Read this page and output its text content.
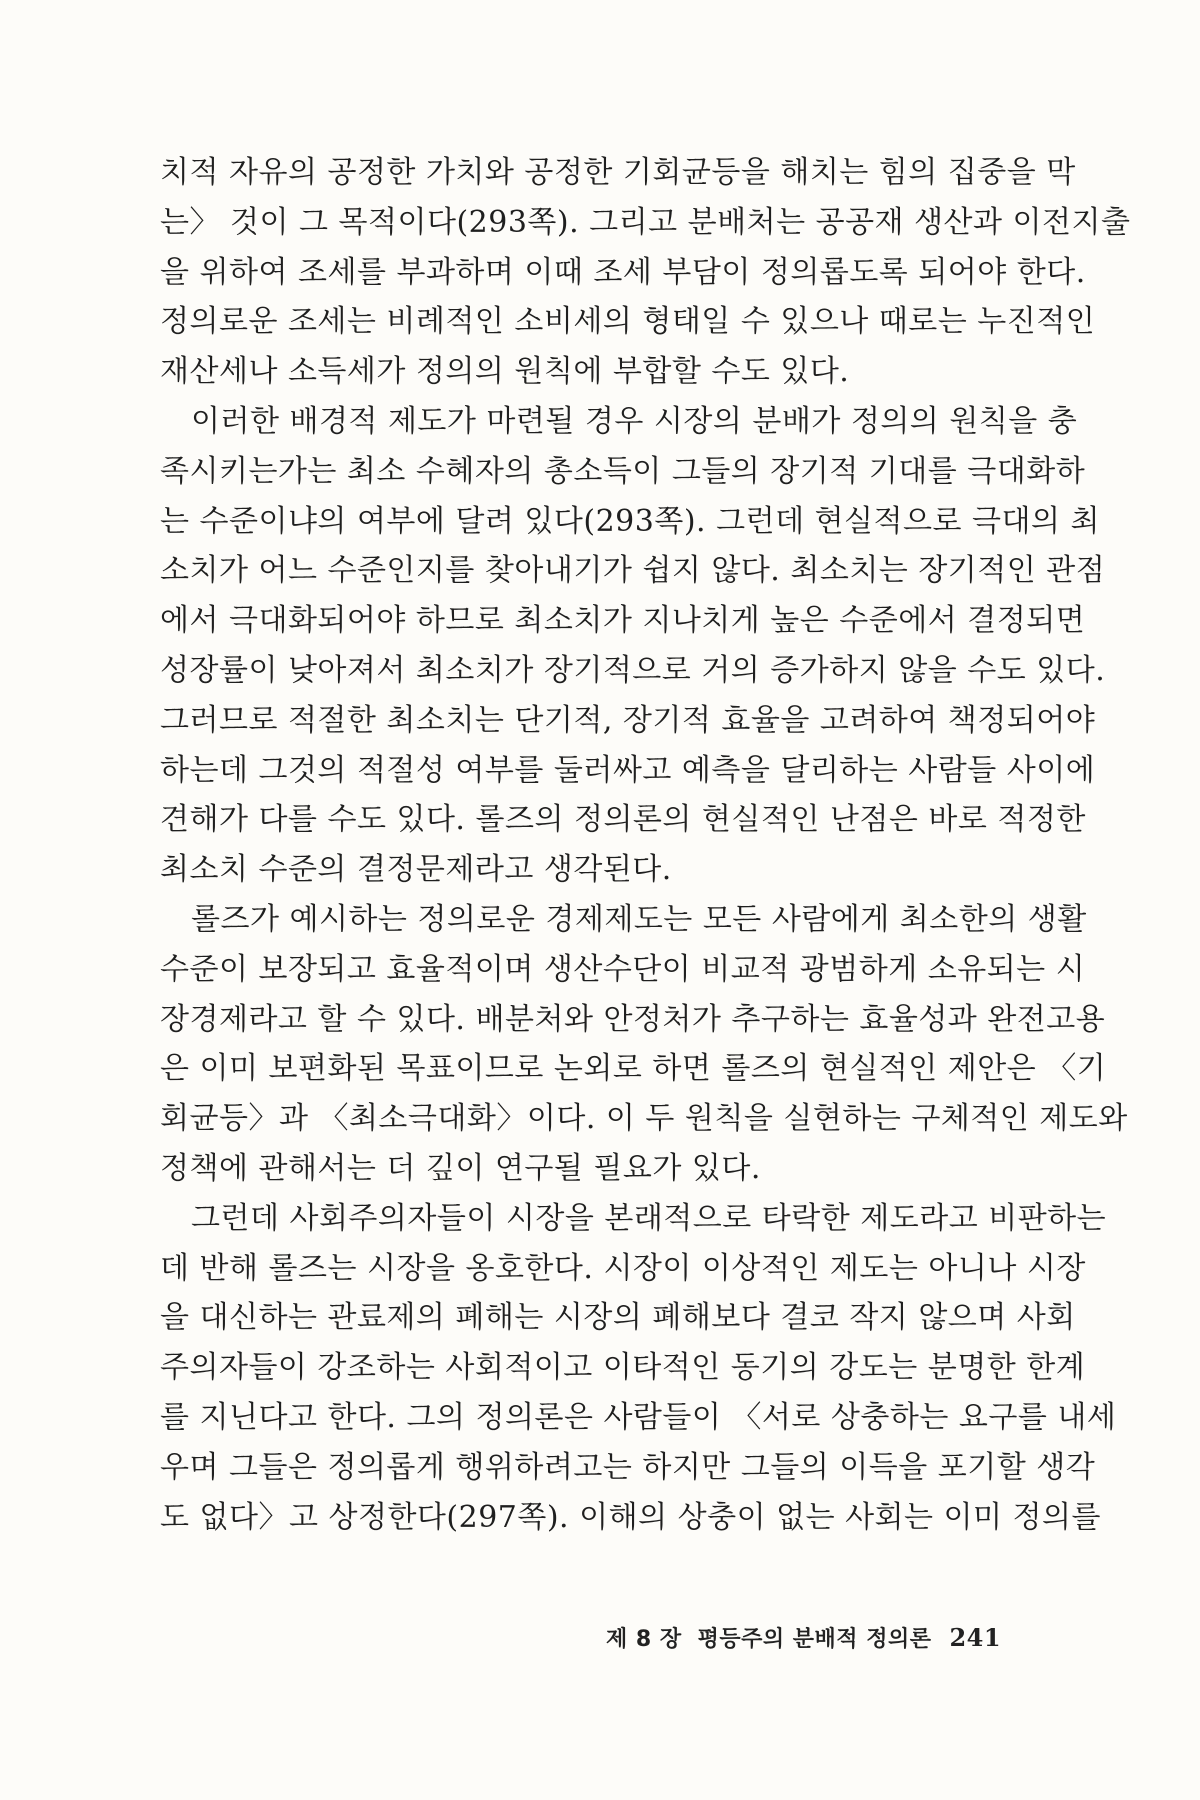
치적 자유의 공정한 가치와 공정한 기회균등을 해치는 힘의 집중을 막
는〉 것이 그 목적이다(293쪽). 그리고 분배처는 공공재 생산과 이전지출
을 위하여 조세를 부과하며 이때 조세 부담이 정의롭도록 되어야 한다.
정의로운 조세는 비례적인 소비세의 형태일 수 있으나 때로는 누진적인
재산세나 소득세가 정의의 원칙에 부합할 수도 있다.
이러한 배경적 제도가 마련될 경우 시장의 분배가 정의의 원칙을 충
족시키는가는 최소 수혜자의 총소득이 그들의 장기적 기대를 극대화하
는 수준이냐의 여부에 달려 있다(293쪽). 그런데 현실적으로 극대의 최
소치가 어느 수준인지를 찾아내기가 쉽지 않다. 최소치는 장기적인 관점
에서 극대화되어야 하므로 최소치가 지나치게 높은 수준에서 결정되면
성장률이 낮아져서 최소치가 장기적으로 거의 증가하지 않을 수도 있다.
그러므로 적절한 최소치는 단기적, 장기적 효율을 고려하여 책정되어야
하는데 그것의 적절성 여부를 둘러싸고 예측을 달리하는 사람들 사이에
견해가 다를 수도 있다. 롤즈의 정의론의 현실적인 난점은 바로 적정한
최소치 수준의 결정문제라고 생각된다.
롤즈가 예시하는 정의로운 경제제도는 모든 사람에게 최소한의 생활
수준이 보장되고 효율적이며 생산수단이 비교적 광범하게 소유되는 시
장경제라고 할 수 있다. 배분처와 안정처가 추구하는 효율성과 완전고용
은 이미 보편화된 목표이므로 논외로 하면 롤즈의 현실적인 제안은 〈기
회균등〉과 〈최소극대화〉이다. 이 두 원칙을 실현하는 구체적인 제도와
정책에 관해서는 더 깊이 연구될 필요가 있다.
그런데 사회주의자들이 시장을 본래적으로 타락한 제도라고 비판하는
데 반해 롤즈는 시장을 옹호한다. 시장이 이상적인 제도는 아니나 시장
을 대신하는 관료제의 폐해는 시장의 폐해보다 결코 작지 않으며 사회
주의자들이 강조하는 사회적이고 이타적인 동기의 강도는 분명한 한계
를 지닌다고 한다. 그의 정의론은 사람들이 〈서로 상충하는 요구를 내세
우며 그들은 정의롭게 행위하려고는 하지만 그들의 이득을 포기할 생각
도 없다〉고 상정한다(297쪽). 이해의 상충이 없는 사회는 이미 정의를
제 8 장 평등주의 분배적 정의론 241
